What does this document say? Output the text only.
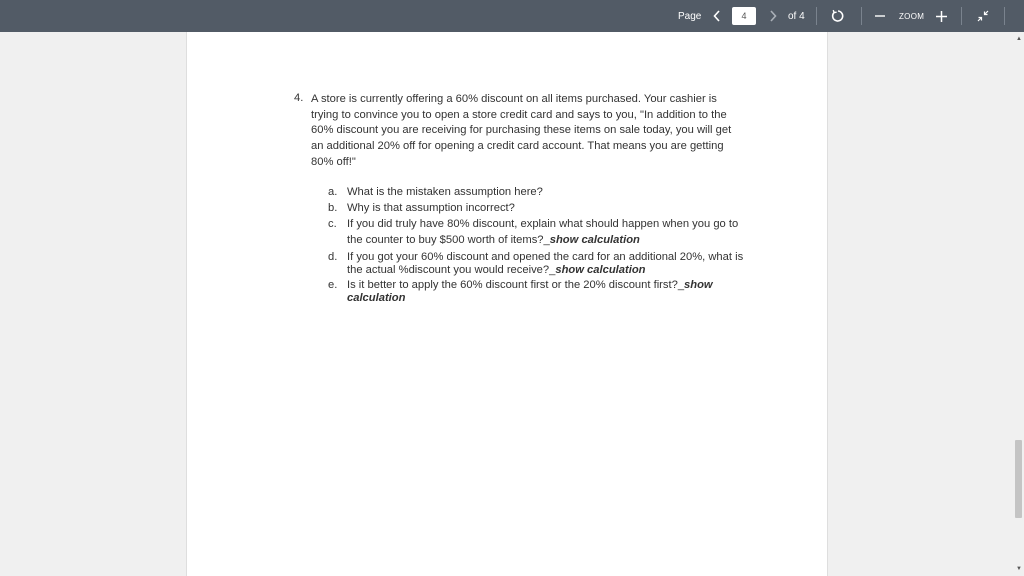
Page
4	of 4	ZOOM
4. A store is currently offering a 60% discount on all items purchased. Your cashier is trying to convince you to open a store credit card and says to you, "In addition to the 60% discount you are receiving for purchasing these items on sale today, you will get an additional 20% off for opening a credit card account. That means you are getting 80% off!"

a. What is the mistaken assumption here?
b. Why is that assumption incorrect?
c. If you did truly have 80% discount, explain what should happen when you go to the counter to buy $500 worth of items?_show calculation
d. If you got your 60% discount and opened the card for an additional 20%, what is the actual %discount you would receive?_show calculation
e. Is it better to apply the 60% discount first or the 20% discount first?_show calculation
▲
▼
